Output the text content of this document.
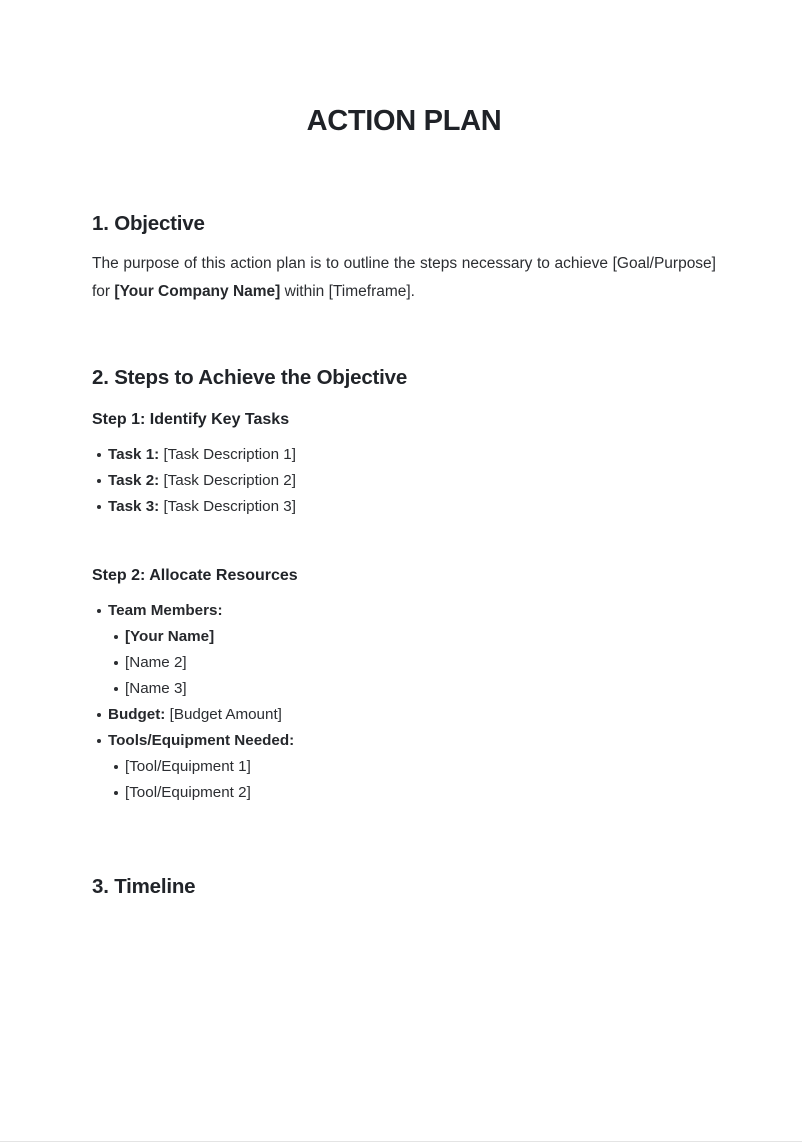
ACTION PLAN
1. Objective

The purpose of this action plan is to outline the steps necessary to achieve [Goal/Purpose] for [Your Company Name] within [Timeframe].

2. Steps to Achieve the Objective
Step 1: Identify Key Tasks
Task 1: [Task Description 1]
Task 2: [Task Description 2]
Task 3: [Task Description 3]
Step 2: Allocate Resources
Team Members:
[Your Name]
[Name 2]
[Name 3]
Budget: [Budget Amount]
Tools/Equipment Needed:
[Tool/Equipment 1]
[Tool/Equipment 2]
3. Timeline
